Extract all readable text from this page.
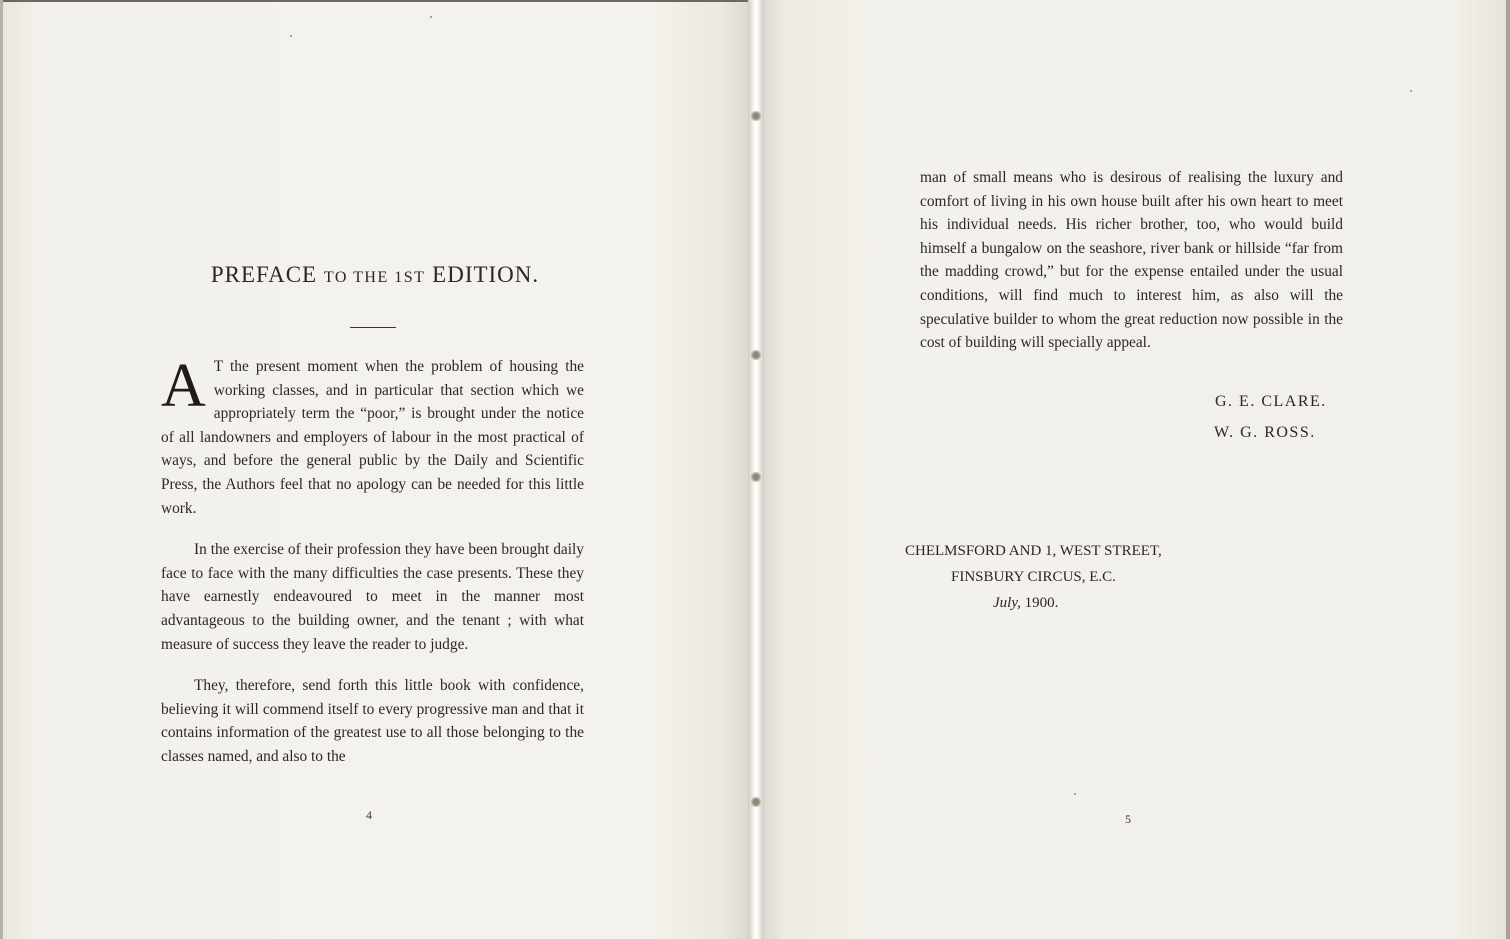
PREFACE TO THE 1ST EDITION.

A T the present moment when the problem of housing the working classes, and in particular that section which we appropriately term the “poor,” is brought under the notice of all landowners and employers of labour in the most practical of ways, and before the general public by the Daily and Scientific Press, the Authors feel that no apology can be needed for this little work.

In the exercise of their profession they have been brought daily face to face with the many difficulties the case presents. These they have earnestly endeavoured to meet in the manner most advantageous to the building owner, and the tenant ; with what measure of success they leave the reader to judge.

They, therefore, send forth this little book with confidence, believing it will commend itself to every progressive man and that it contains information of the greatest use to all those belonging to the classes named, and also to the

4

man of small means who is desirous of realising the luxury and comfort of living in his own house built after his own heart to meet his individual needs. His richer brother, too, who would build himself a bungalow on the seashore, river bank or hillside “far from the madding crowd,” but for the expense entailed under the usual conditions, will find much to interest him, as also will the speculative builder to whom the great reduction now possible in the cost of building will specially appeal.

G. E. CLARE.
W. G. ROSS.
CHELMSFORD AND 1, WEST STREET,
FINSBURY CIRCUS, E.C.
July, 1900.
5
